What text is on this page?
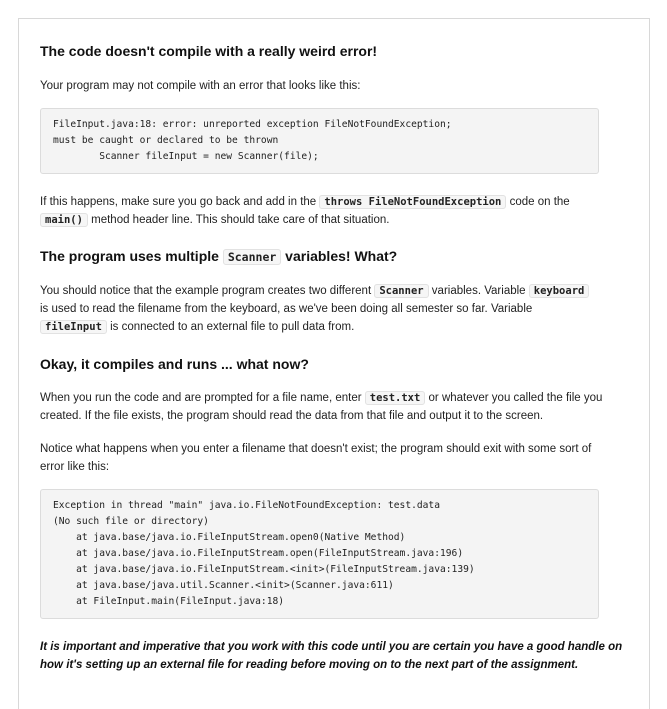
The code doesn't compile with a really weird error!

Your program may not compile with an error that looks like this:

FileInput.java:18: error: unreported exception FileNotFoundException;
must be caught or declared to be thrown
Scanner fileInput = new Scanner(file);

If this happens, make sure you go back and add in the throws FileNotFoundException code on the
main() method header line. This should take care of that situation.

The program uses multiple Scanner variables! What?

You should notice that the example program creates two different Scanner variables. Variable keyboard
is used to read the filename from the keyboard, as we've been doing all semester so far. Variable
fileInput is connected to an external file to pull data from.

Okay, it compiles and runs ... what now?

When you run the code and are prompted for a file name, enter test.txt or whatever you called the file you created. If the file exists, the program should read the data from that file and output it to the screen.

Notice what happens when you enter a filename that doesn't exist; the program should exit with some sort of error like this:

Exception in thread "main" java.io.FileNotFoundException: test.data
(No such file or directory)
at java.base/java.io.FileInputStream.open0(Native Method)
at java.base/java.io.FileInputStream.open(FileInputStream.java:196)
at java.base/java.io.FileInputStream.<init>(FileInputStream.java:139)
at java.base/java.util.Scanner.<init>(Scanner.java:611)
at FileInput.main(FileInput.java:18)

It is important and imperative that you work with this code until you are certain you have a good handle on how it's setting up an external file for reading before moving on to the next part of the assignment.
